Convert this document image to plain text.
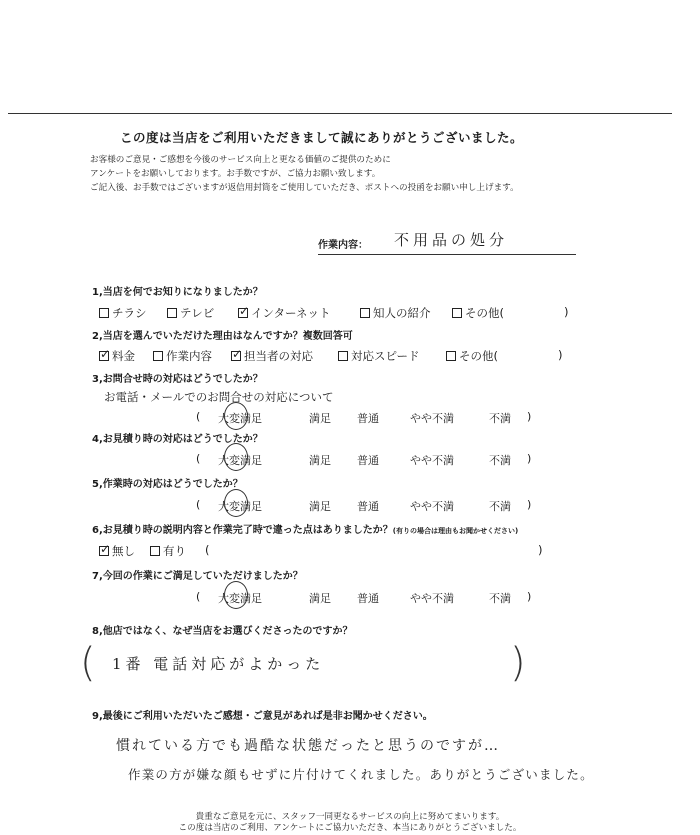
この度は当店をご利用いただきまして誠にありがとうございました。
お客様のご意見・ご感想を今後のサービス向上と更なる価値のご提供のために
アンケートをお願いしております。お手数ですが、ご協力お願い致します。
ご記入後、お手数ではございますが返信用封筒をご使用していただき、ポストへの投函をお願い申し上げます。
作業内容： 不用品の処分
1,当店を何でお知りになりましたか？
チラシ	テレビ ✓	インターネット	知人の紹介	その他(	)
2,当店を選んでいただけた理由はなんですか？複数回答可
✓料金	作業内容 ✓	担当者の対応	対応スピード	その他(	)
3,お問合せ時の対応はどうでしたか？
お電話・メールでのお問合せの対応について
( 大変満足	満足 普通	やや不満	不満 )
4,お見積り時の対応はどうでしたか？
( 大変満足	満足 普通	やや不満	不満 )
5,作業時の対応はどうでしたか？
( 大変満足	満足 普通	やや不満	不満 )
6,お見積り時の説明内容と作業完了時で違った点はありましたか？(有りの場合は理由もお聞かせください)
✓無し	有り (	)
7,今回の作業にご満足していただけましたか？
( 大変満足	満足 普通	やや不満	不満 )
8,他店ではなく、なぜ当店をお選びくださったのですか？
( 1番 電話対応がよかった	)
9,最後にご利用いただいたご感想・ご意見があれば是非お聞かせください。
慣れている方でも過酷な状態だったと思うのですが…
作業の方が嫌な顔もせずに片付けてくれました。ありがとうございました。
貴重なご意見を元に、スタッフ一同更なるサービスの向上に努めてまいります。
この度は当店のご利用、アンケートにご協力いただき、本当にありがとうございました。
